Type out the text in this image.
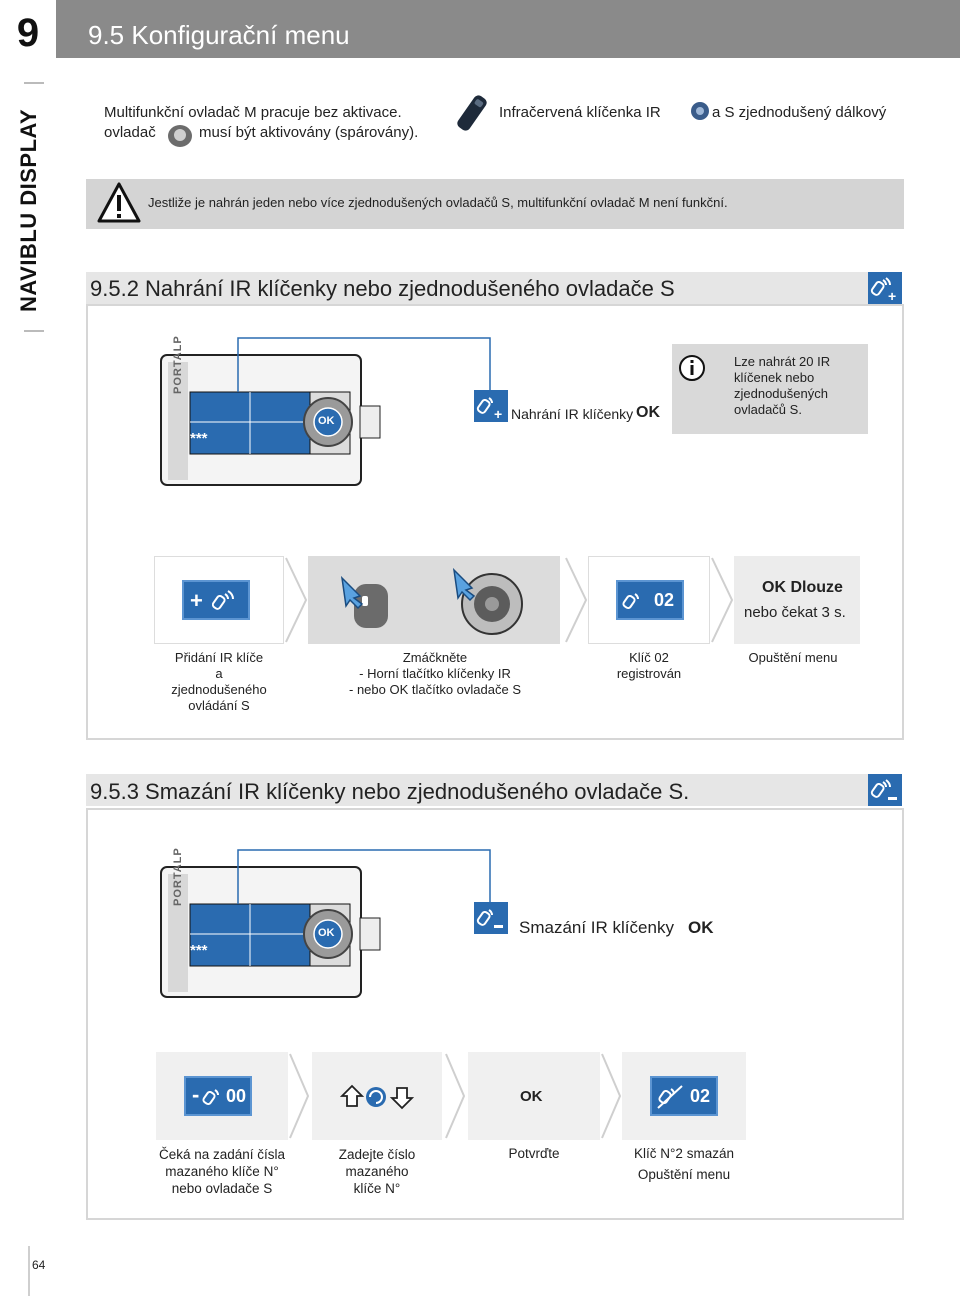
9	9.5 Konfigurační menu
NAVIBLU DISPLAY	Multifunkční ovladač M pracuje bez aktivace.	Infračervená klíčenka IR	a S zjednodušený dálkový
ovladač	musí být aktivovány (spárovány).
Jestliže je nahrán jeden nebo více zjednodušených ovladačů S, multifunkční ovladač M není funkční.
9.5.2 Nahrání IR klíčenky nebo zjednodušeného ovladače S	+
PORTALP
***
OK	+ Nahrání IR klíčenky OK
Lze nahrát 20 IR klíčenek nebo zjednodušených ovladačů S.
+
Přidání IR klíče
a
zjednodušeného
ovládání S
Zmáčkněte
- Horní tlačítko klíčenky IR
- nebo OK tlačítko ovladače S
02
Klíč 02
registrován
OK Dlouze
nebo čekat 3 s.
Opuštění menu
9.5.3 Smazání IR klíčenky nebo zjednodušeného ovladače S.
PORTALP
***
OK	Smazání IR klíčenky OK
- 00
Čeká na zadání čísla
mazaného klíče N°
nebo ovladače S
Zadejte číslo
mazaného
klíče N°
OK
Potvrďte
02
Klíč N°2 smazán
Opuštění menu
64
